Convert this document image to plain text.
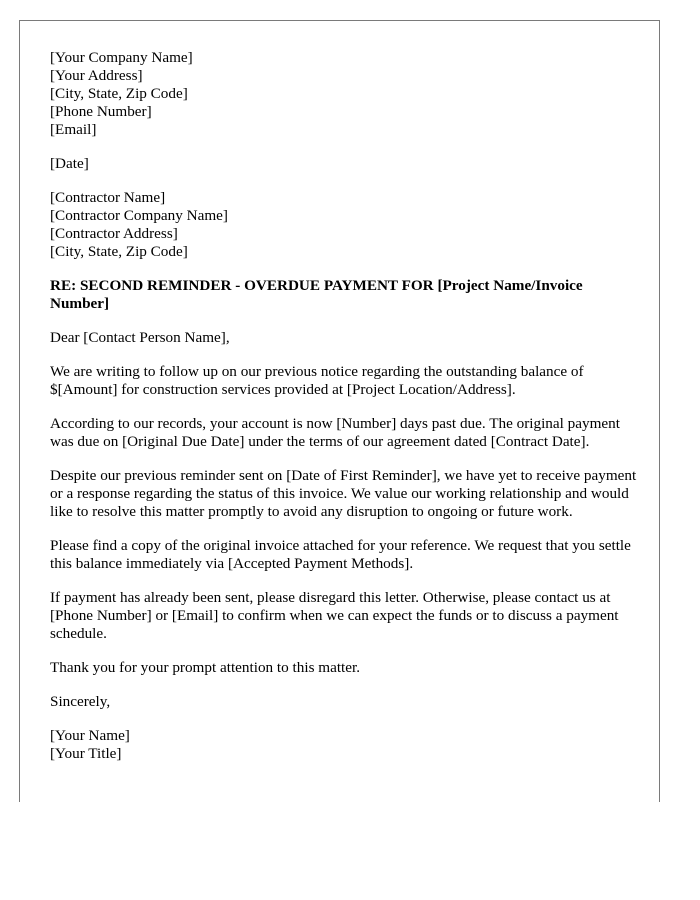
[Your Company Name]
[Your Address]
[City, State, Zip Code]
[Phone Number]
[Email]
[Date]
[Contractor Name]
[Contractor Company Name]
[Contractor Address]
[City, State, Zip Code]

RE: SECOND REMINDER - OVERDUE PAYMENT FOR [Project Name/Invoice Number]

Dear [Contact Person Name],

We are writing to follow up on our previous notice regarding the outstanding balance of $[Amount] for construction services provided at [Project Location/Address].

According to our records, your account is now [Number] days past due. The original payment was due on [Original Due Date] under the terms of our agreement dated [Contract Date].

Despite our previous reminder sent on [Date of First Reminder], we have yet to receive payment or a response regarding the status of this invoice. We value our working relationship and would like to resolve this matter promptly to avoid any disruption to ongoing or future work.

Please find a copy of the original invoice attached for your reference. We request that you settle this balance immediately via [Accepted Payment Methods].

If payment has already been sent, please disregard this letter. Otherwise, please contact us at [Phone Number] or [Email] to confirm when we can expect the funds or to discuss a payment schedule.

Thank you for your prompt attention to this matter.

Sincerely,

[Your Name]
[Your Title]
